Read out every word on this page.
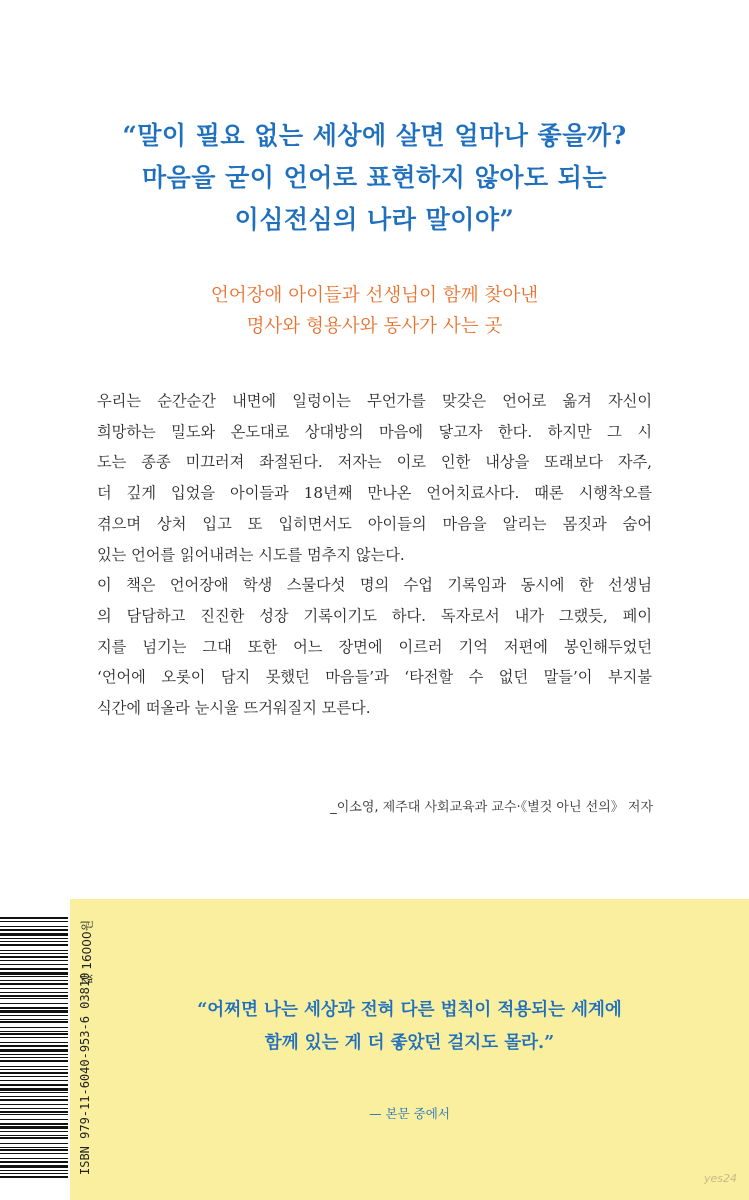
“말이 필요 없는 세상에 살면 얼마나 좋을까?
마음을 굳이 언어로 표현하지 않아도 되는
이심전심의 나라 말이야”
언어장애 아이들과 선생님이 함께 찾아낸
명사와 형용사와 동사가 사는 곳
우리는 순간순간 내면에 일렁이는 무언가를 맞갖은 언어로 옮겨 자신이
희망하는 밀도와 온도대로 상대방의 마음에 닿고자 한다. 하지만 그 시
도는 종종 미끄러져 좌절된다. 저자는 이로 인한 내상을 또래보다 자주,
더 깊게 입었을 아이들과 18년째 만나온 언어치료사다. 때론 시행착오를
겪으며 상처 입고 또 입히면서도 아이들의 마음을 알리는 몸짓과 숨어
있는 언어를 읽어내려는 시도를 멈추지 않는다.
이 책은 언어장애 학생 스물다섯 명의 수업 기록임과 동시에 한 선생님
의 담담하고 진진한 성장 기록이기도 하다. 독자로서 내가 그랬듯, 페이
지를 넘기는 그대 또한 어느 장면에 이르러 기억 저편에 봉인해두었던
‘언어에 오롯이 담지 못했던 마음들’과 ‘타전할 수 없던 말들’이 부지불
식간에 떠올라 눈시울 뜨거워질지 모른다.
_이소영, 제주대 사회교육과 교수·《별것 아닌 선의》 저자
ISBN 979-11-6040-953-6 03810
값 16000원
“어쩌면 나는 세상과 전혀 다른 법칙이 적용되는 세계에
함께 있는 게 더 좋았던 걸지도 몰라.”
— 본문 중에서
yes24
